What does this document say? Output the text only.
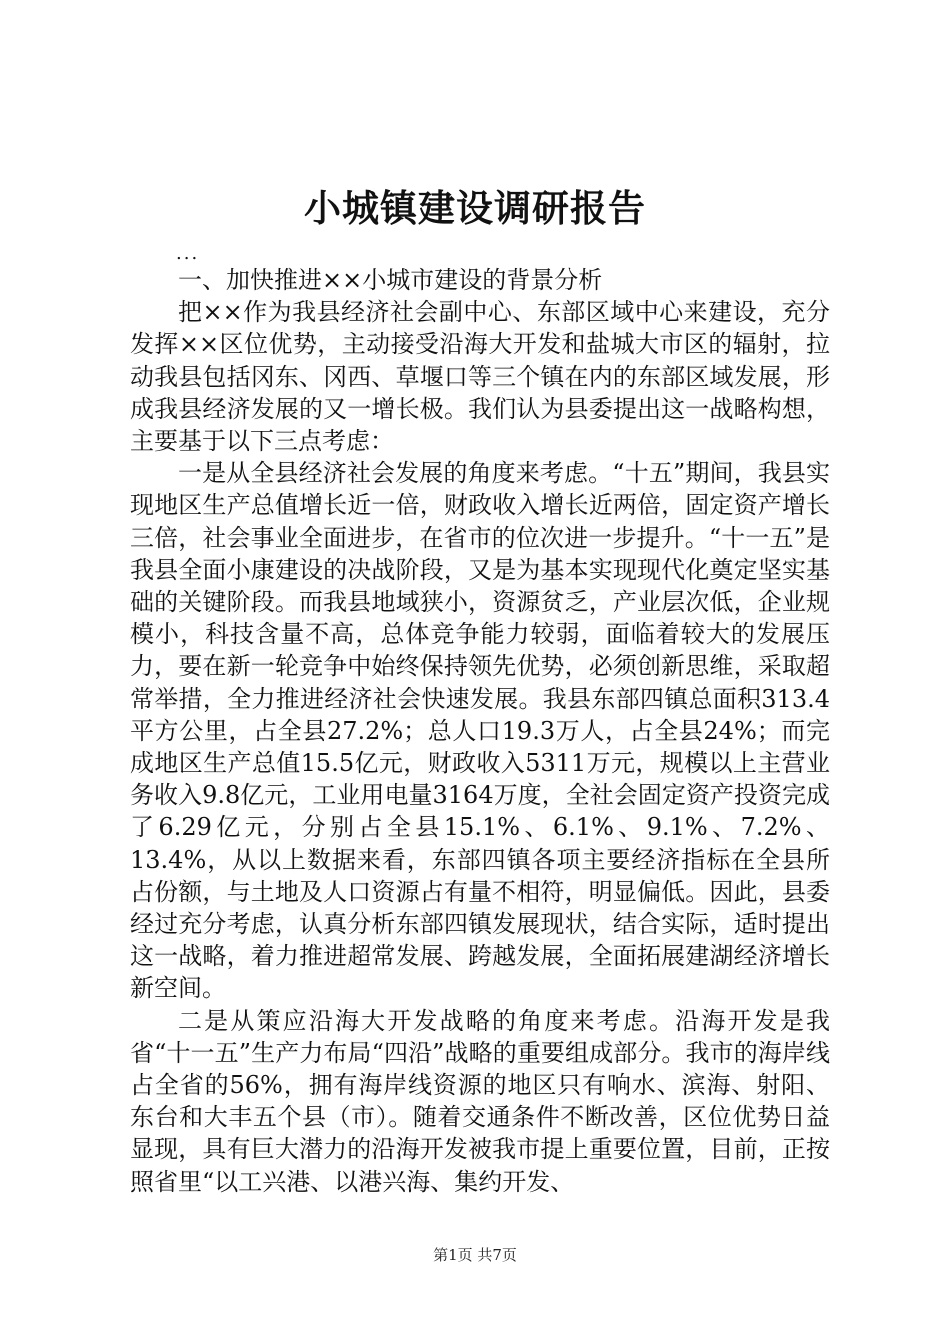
小城镇建设调研报告
...

一、加快推进××小城市建设的背景分析

把××作为我县经济社会副中心、东部区域中心来建设，充分发挥××区位优势，主动接受沿海大开发和盐城大市区的辐射，拉动我县包括冈东、冈西、草堰口等三个镇在内的东部区域发展，形成我县经济发展的又一增长极。我们认为县委提出这一战略构想，主要基于以下三点考虑：

一是从全县经济社会发展的角度来考虑。“十五”期间，我县实现地区生产总值增长近一倍，财政收入增长近两倍，固定资产增长三倍，社会事业全面进步，在省市的位次进一步提升。“十一五”是我县全面小康建设的决战阶段，又是为基本实现现代化奠定坚实基础的关键阶段。而我县地域狭小，资源贫乏，产业层次低，企业规模小，科技含量不高，总体竞争能力较弱，面临着较大的发展压力，要在新一轮竞争中始终保持领先优势，必须创新思维，采取超常举措，全力推进经济社会快速发展。我县东部四镇总面积313.4平方公里，占全县27.2%；总人口19.3万人，占全县24%；而完成地区生产总值15.5亿元，财政收入5311万元，规模以上主营业务收入9.8亿元，工业用电量3164万度，全社会固定资产投资完成了6.29亿元，分别占全县15.1%、6.1%、9.1%、7.2%、13.4%，从以上数据来看，东部四镇各项主要经济指标在全县所占份额，与土地及人口资源占有量不相符，明显偏低。因此，县委经过充分考虑，认真分析东部四镇发展现状，结合实际，适时提出这一战略，着力推进超常发展、跨越发展，全面拓展建湖经济增长新空间。

二是从策应沿海大开发战略的角度来考虑。沿海开发是我省“十一五”生产力布局“四沿”战略的重要组成部分。我市的海岸线占全省的56%，拥有海岸线资源的地区只有响水、滨海、射阳、东台和大丰五个县（市）。随着交通条件不断改善，区位优势日益显现，具有巨大潜力的沿海开发被我市提上重要位置，目前，正按照省里“以工兴港、以港兴海、集约开发、

第1页 共7页
